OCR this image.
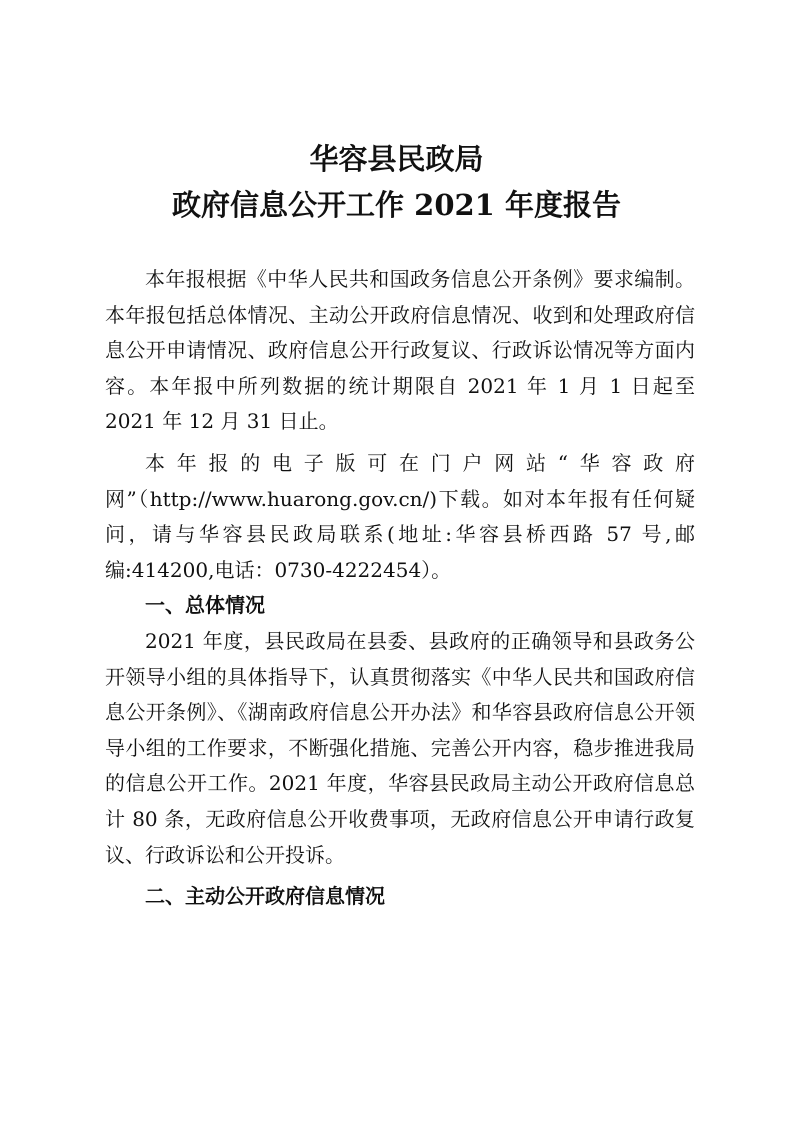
华容县民政局
政府信息公开工作 2021 年度报告

本年报根据《中华人民共和国政务信息公开条例》要求编制。本年报包括总体情况、主动公开政府信息情况、收到和处理政府信息公开申请情况、政府信息公开行政复议、行政诉讼情况等方面内容。本年报中所列数据的统计期限自 2021 年 1 月 1 日起至 2021 年 12 月 31 日止。

本年报的电子版可在门户网站“华容政府网”（http://www.huarong.gov.cn/)下载。如对本年报有任何疑问，请与华容县民政局联系(地址:华容县桥西路 57 号,邮编:414200,电话：0730-4222454）。

一、总体情况

2021 年度，县民政局在县委、县政府的正确领导和县政务公开领导小组的具体指导下，认真贯彻落实《中华人民共和国政府信息公开条例》、《湖南政府信息公开办法》和华容县政府信息公开领导小组的工作要求，不断强化措施、完善公开内容，稳步推进我局的信息公开工作。2021 年度，华容县民政局主动公开政府信息总计 80 条，无政府信息公开收费事项，无政府信息公开申请行政复议、行政诉讼和公开投诉。

二、主动公开政府信息情况
